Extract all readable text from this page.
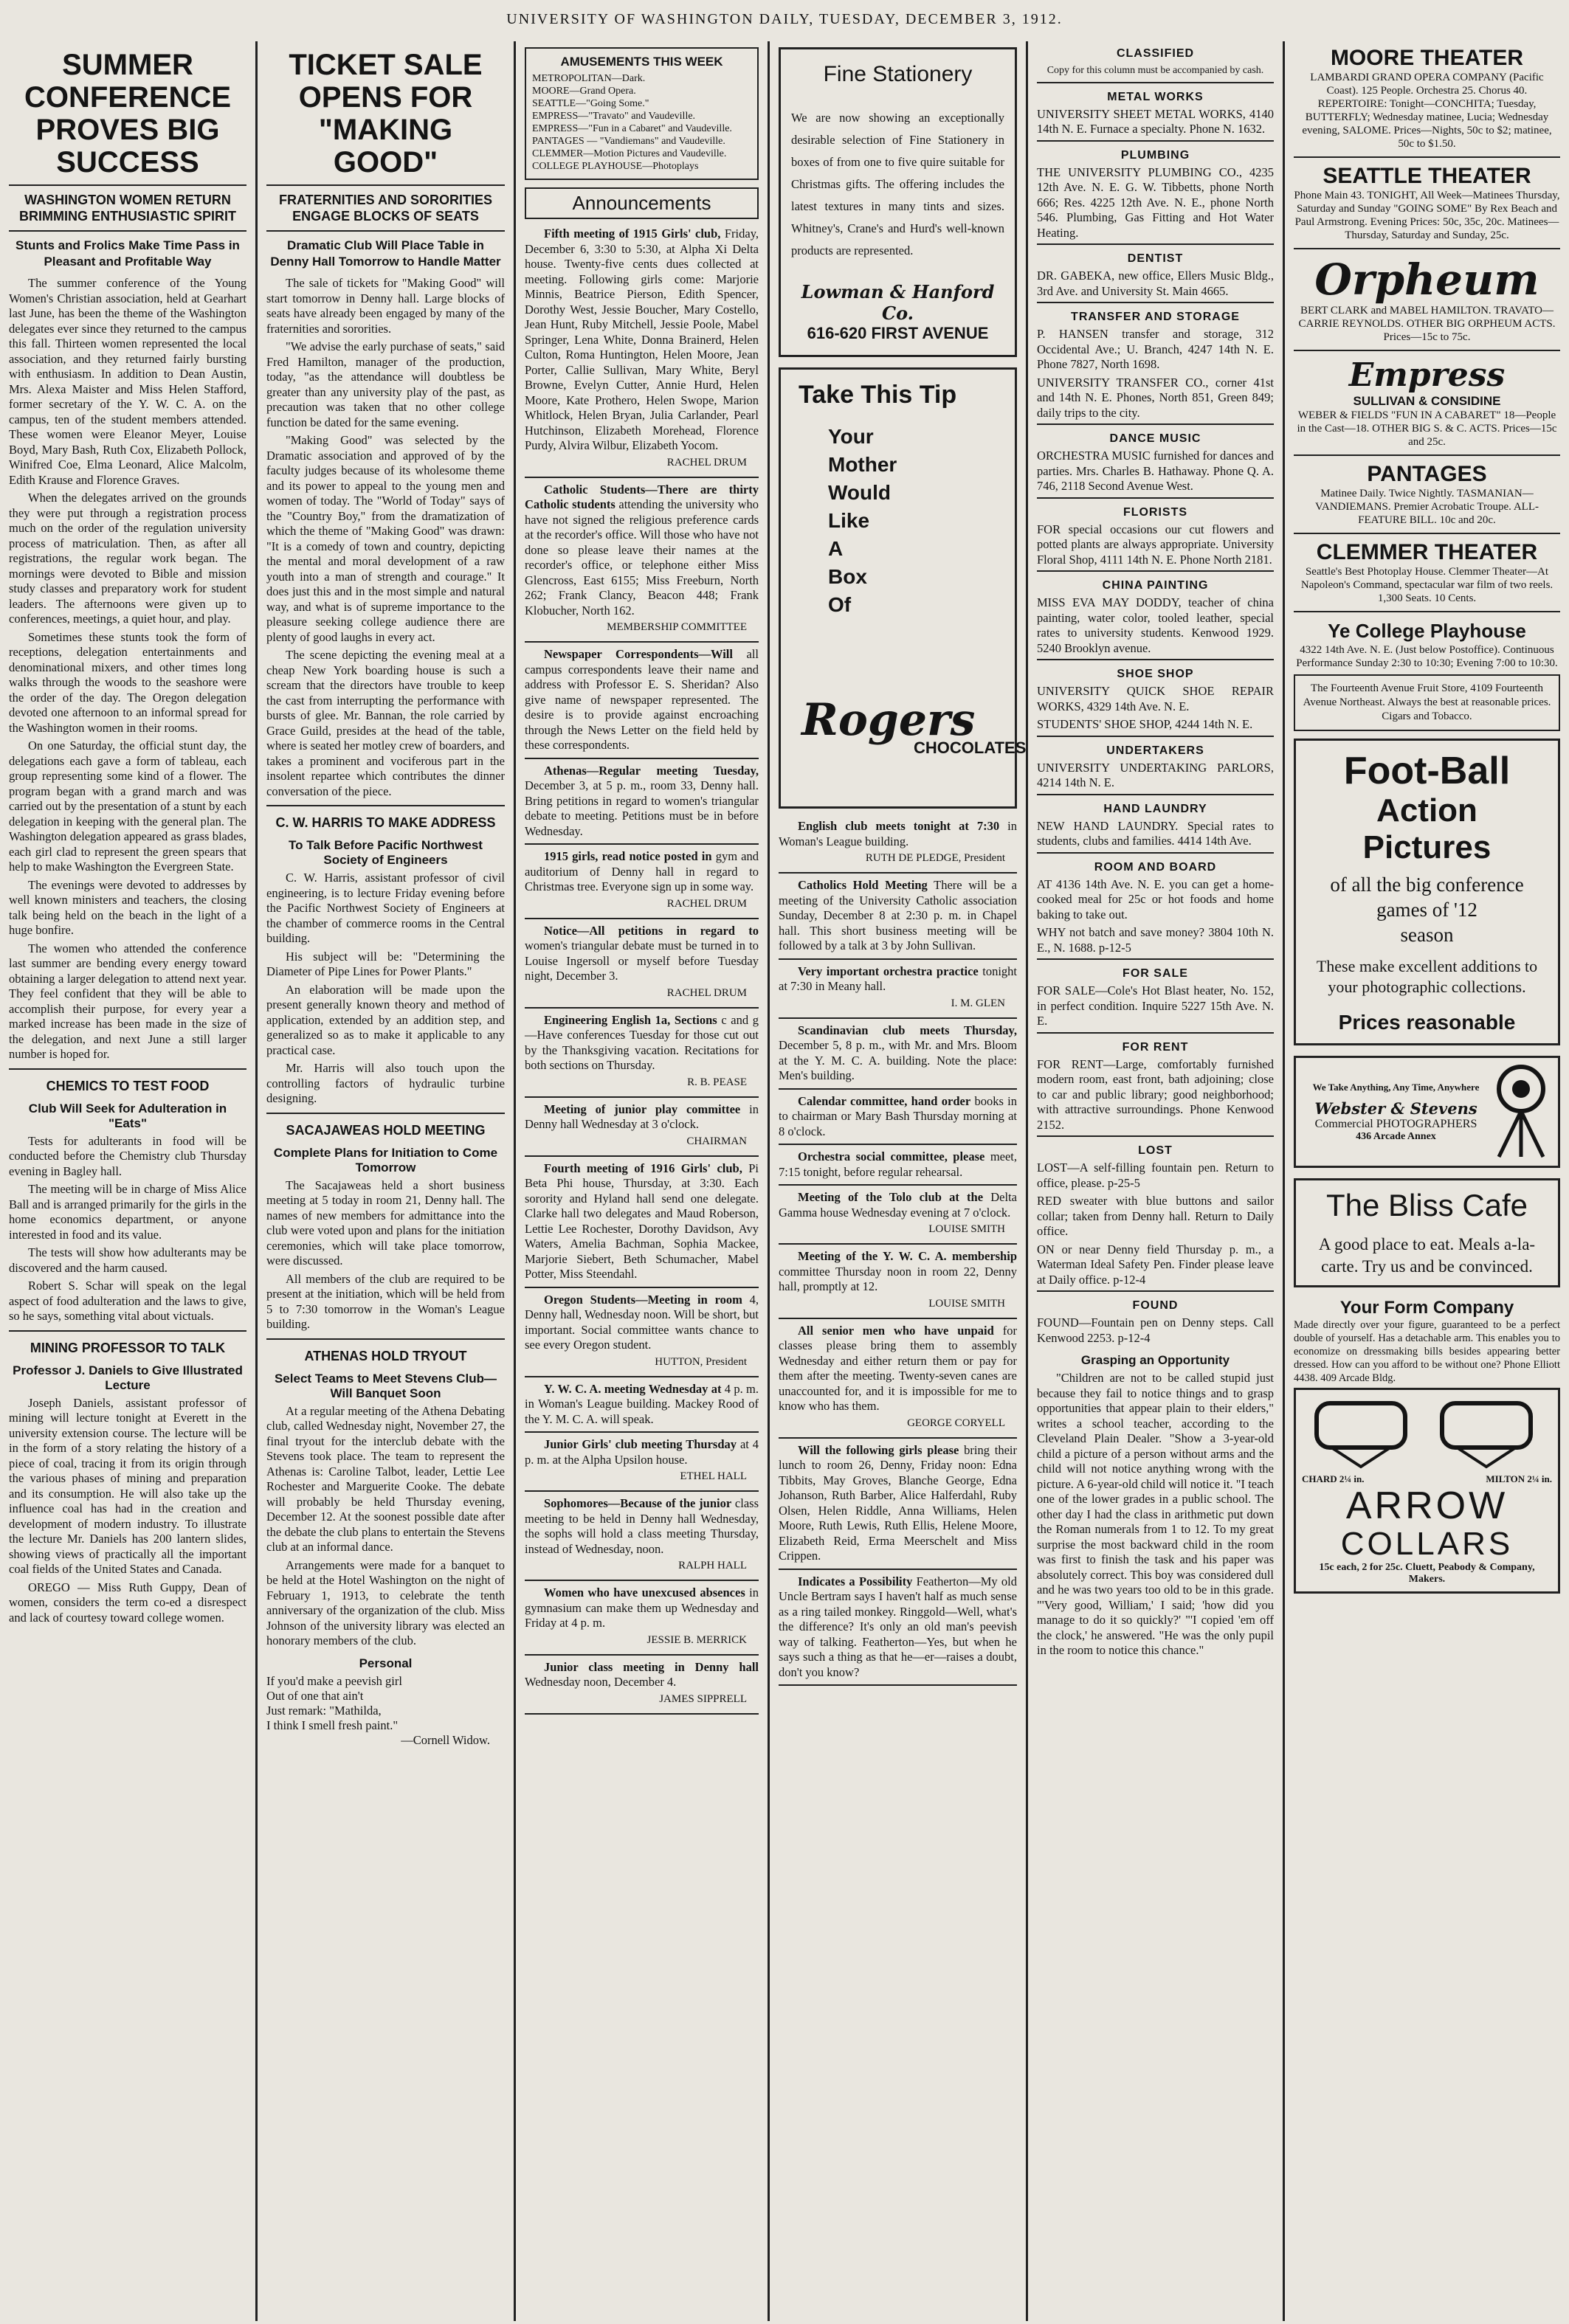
UNIVERSITY OF WASHINGTON DAILY, TUESDAY, DECEMBER 3, 1912.
SUMMER CONFERENCE PROVES BIG SUCCESS
WASHINGTON WOMEN RETURN BRIMMING ENTHUSIASTIC SPIRIT
Stunts and Frolics Make Time Pass in Pleasant and Profitable Way

The summer conference of the Young Women's Christian association, held at Gearhart last June, has been the theme of the Washington delegates ever since they returned to the campus this fall. Thirteen women represented the local association, and they returned fairly bursting with enthusiasm. In addition to Dean Austin, Mrs. Alexa Maister and Miss Helen Stafford, former secretary of the Y. W. C. A. on the campus, ten of the student members attended. These women were Eleanor Meyer, Louise Boyd, Mary Bash, Ruth Cox, Elizabeth Pollock, Winifred Coe, Elma Leonard, Alice Malcolm, Edith Krause and Florence Graves.

When the delegates arrived on the grounds they were put through a registration process much on the order of the regulation university process of matriculation. Then, as after all registrations, the regular work began. The mornings were devoted to Bible and mission study classes and preparatory work for student leaders. The afternoons were given up to conferences, meetings, a quiet hour, and play.

Sometimes these stunts took the form of receptions, delegation entertainments and denominational mixers, and other times long walks through the woods to the seashore were the order of the day. The Oregon delegation devoted one afternoon to an informal spread for the Washington women in their rooms.

On one Saturday, the official stunt day, the delegations each gave a form of tableau, each group representing some kind of a flower. The program began with a grand march and was carried out by the presentation of a stunt by each delegation in keeping with the general plan. The Washington delegation appeared as grass blades, each girl clad to represent the green spears that help to make Washington the Evergreen State.

The evenings were devoted to addresses by well known ministers and teachers, the closing talk being held on the beach in the light of a huge bonfire.

The women who attended the conference last summer are bending every energy toward obtaining a larger delegation to attend next year. They feel confident that they will be able to accomplish their purpose, for every year a marked increase has been made in the size of the delegation, and next June a still larger number is hoped for.

CHEMICS TO TEST FOOD
Club Will Seek for Adulteration in "Eats"

Tests for adulterants in food will be conducted before the Chemistry club Thursday evening in Bagley hall.

The meeting will be in charge of Miss Alice Ball and is arranged primarily for the girls in the home economics department, or anyone interested in food and its value.

The tests will show how adulterants may be discovered and the harm caused.

Robert S. Schar will speak on the legal aspect of food adulteration and the laws to give, so he says, something vital about victuals.

MINING PROFESSOR TO TALK
Professor J. Daniels to Give Illustrated Lecture

Joseph Daniels, assistant professor of mining will lecture tonight at Everett in the university extension course. The lecture will be in the form of a story relating the history of a piece of coal, tracing it from its origin through the various phases of mining and preparation and its consumption. He will also take up the influence coal has had in the creation and development of modern industry. To illustrate the lecture Mr. Daniels has 200 lantern slides, showing views of practically all the important coal fields of the United States and Canada.

OREGO — Miss Ruth Guppy, Dean of women, considers the term co-ed a disrespect and lack of courtesy toward college women.

TICKET SALE OPENS FOR "MAKING GOOD"
FRATERNITIES AND SORORITIES ENGAGE BLOCKS OF SEATS
Dramatic Club Will Place Table in Denny Hall Tomorrow to Handle Matter

The sale of tickets for "Making Good" will start tomorrow in Denny hall. Large blocks of seats have already been engaged by many of the fraternities and sororities.

"We advise the early purchase of seats," said Fred Hamilton, manager of the production, today, "as the attendance will doubtless be greater than any university play of the past, as precaution was taken that no other college function be dated for the same evening.

"Making Good" was selected by the Dramatic association and approved of by the faculty judges because of its wholesome theme and its power to appeal to the young men and women of today. The "World of Today" says of the "Country Boy," from the dramatization of which the theme of "Making Good" was drawn: "It is a comedy of town and country, depicting the mental and moral development of a raw youth into a man of strength and courage." It does just this and in the most simple and natural way, and what is of supreme importance to the pleasure seeking college audience there are plenty of good laughs in every act.

The scene depicting the evening meal at a cheap New York boarding house is such a scream that the directors have trouble to keep the cast from interrupting the performance with bursts of glee. Mr. Bannan, the role carried by Grace Guild, presides at the head of the table, where is seated her motley crew of boarders, and takes a prominent and vociferous part in the insolent repartee which contributes the dinner conversation of the piece.

C. W. HARRIS TO MAKE ADDRESS
To Talk Before Pacific Northwest Society of Engineers

C. W. Harris, assistant professor of civil engineering, is to lecture Friday evening before the Pacific Northwest Society of Engineers at the chamber of commerce rooms in the Central building.

His subject will be: "Determining the Diameter of Pipe Lines for Power Plants."

An elaboration will be made upon the present generally known theory and method of application, extended by an addition step, and generalized so as to make it applicable to any practical case.

Mr. Harris will also touch upon the controlling factors of hydraulic turbine designing.

SACAJAWEAS HOLD MEETING
Complete Plans for Initiation to Come Tomorrow

The Sacajaweas held a short business meeting at 5 today in room 21, Denny hall. The names of new members for admittance into the club were voted upon and plans for the initiation ceremonies, which will take place tomorrow, were discussed.

All members of the club are required to be present at the initiation, which will be held from 5 to 7:30 tomorrow in the Woman's League building.

ATHENAS HOLD TRYOUT
Select Teams to Meet Stevens Club—Will Banquet Soon

At a regular meeting of the Athena Debating club, called Wednesday night, November 27, the final tryout for the interclub debate with the Stevens took place. The team to represent the Athenas is: Caroline Talbot, leader, Lettie Lee Rochester and Marguerite Cooke. The debate will probably be held Thursday evening, December 12. At the soonest possible date after the debate the club plans to entertain the Stevens club at an informal dance.

Arrangements were made for a banquet to be held at the Hotel Washington on the night of February 1, 1913, to celebrate the tenth anniversary of the organization of the club. Miss Johnson of the university library was elected an honorary members of the club.

Personal
If you'd make a peevish girl
Out of one that ain't
Just remark: "Mathilda,
I think I smell fresh paint."
—Cornell Widow.
AMUSEMENTS THIS WEEK
METROPOLITAN—Dark.
MOORE—Grand Opera.
SEATTLE—"Going Some."
EMPRESS—"Travato" and Vaudeville.
EMPRESS—"Fun in a Cabaret" and Vaudeville.
PANTAGES — "Vandiemans" and Vaudeville.
CLEMMER—Motion Pictures and Vaudeville.
COLLEGE PLAYHOUSE—Photoplays
Announcements

Fifth meeting of 1915 Girls' club, Friday, December 6, 3:30 to 5:30, at Alpha Xi Delta house. Twenty-five cents dues collected at meeting. Following girls come: Marjorie Minnis, Beatrice Pierson, Edith Spencer, Dorothy West, Jessie Boucher, Mary Costello, Jean Hunt, Ruby Mitchell, Jessie Poole, Mabel Springer, Lena White, Donna Brainerd, Helen Culton, Roma Huntington, Helen Moore, Jean Porter, Callie Sullivan, Mary White, Beryl Browne, Evelyn Cutter, Annie Hurd, Helen Moore, Kate Prothero, Helen Swope, Marion Whitlock, Helen Bryan, Julia Carlander, Pearl Hutchinson, Elizabeth Morehead, Florence Purdy, Alvira Wilbur, Elizabeth Yocom.

RACHEL DRUM

Catholic Students—There are thirty Catholic students attending the university who have not signed the religious preference cards at the recorder's office. Will those who have not done so please leave their names at the recorder's office, or telephone either Miss Glencross, East 6155; Miss Freeburn, North 262; Frank Clancy, Beacon 448; Frank Klobucher, North 162.

MEMBERSHIP COMMITTEE

Newspaper Correspondents—Will all campus correspondents leave their name and address with Professor E. S. Sheridan? Also give name of newspaper represented. The desire is to provide against encroaching through the News Letter on the field held by these correspondents.

Athenas—Regular meeting Tuesday, December 3, at 5 p. m., room 33, Denny hall. Bring petitions in regard to women's triangular debate to meeting. Petitions must be in before Wednesday.

1915 girls, read notice posted in gym and auditorium of Denny hall in regard to Christmas tree. Everyone sign up in some way.

RACHEL DRUM

Notice—All petitions in regard to women's triangular debate must be turned in to Louise Ingersoll or myself before Tuesday night, December 3.

RACHEL DRUM

Engineering English 1a, Sections c and g—Have conferences Tuesday for those cut out by the Thanksgiving vacation. Recitations for both sections on Thursday.

R. B. PEASE

Meeting of junior play committee in Denny hall Wednesday at 3 o'clock.

CHAIRMAN

Fourth meeting of 1916 Girls' club, Pi Beta Phi house, Thursday, at 3:30. Each sorority and Hyland hall send one delegate. Clarke hall two delegates and Maud Roberson, Lettie Lee Rochester, Dorothy Davidson, Avy Waters, Amelia Bachman, Sophia Mackee, Marjorie Siebert, Beth Schumacher, Mabel Potter, Miss Steendahl.

Oregon Students—Meeting in room 4, Denny hall, Wednesday noon. Will be short, but important. Social committee wants chance to see every Oregon student.

HUTTON, President

Y. W. C. A. meeting Wednesday at 4 p. m. in Woman's League building. Mackey Rood of the Y. M. C. A. will speak.

Junior Girls' club meeting Thursday at 4 p. m. at the Alpha Upsilon house.

ETHEL HALL

Sophomores—Because of the junior class meeting to be held in Denny hall Wednesday, the sophs will hold a class meeting Thursday, instead of Wednesday, noon.

RALPH HALL

Women who have unexcused absences in gymnasium can make them up Wednesday and Friday at 4 p. m.

JESSIE B. MERRICK

Junior class meeting in Denny hall Wednesday noon, December 4.

JAMES SIPPRELL
Fine Stationery

We are now showing an exceptionally desirable selection of Fine Stationery in boxes of from one to five quire suitable for Christmas gifts. The offering includes the latest textures in many tints and sizes. Whitney's, Crane's and Hurd's well-known products are represented.

Lowman & Hanford Co.
616-620 FIRST AVENUE
Take This Tip
Your
Mother
Would
Like
A
Box
Of
Rogers
CHOCOLATES

English club meets tonight at 7:30 in Woman's League building.

RUTH DE PLEDGE, President

Catholics Hold Meeting There will be a meeting of the University Catholic association Sunday, December 8 at 2:30 p. m. in Chapel hall. This short business meeting will be followed by a talk at 3 by John Sullivan.

Very important orchestra practice tonight at 7:30 in Meany hall.

I. M. GLEN

Scandinavian club meets Thursday, December 5, 8 p. m., with Mr. and Mrs. Bloom at the Y. M. C. A. building. Note the place: Men's building.

Calendar committee, hand order books in to chairman or Mary Bash Thursday morning at 8 o'clock.

Orchestra social committee, please meet, 7:15 tonight, before regular rehearsal.

Meeting of the Tolo club at the Delta Gamma house Wednesday evening at 7 o'clock.

LOUISE SMITH

Meeting of the Y. W. C. A. membership committee Thursday noon in room 22, Denny hall, promptly at 12.

LOUISE SMITH

All senior men who have unpaid for classes please bring them to assembly Wednesday and either return them or pay for them after the meeting. Twenty-seven canes are unaccounted for, and it is impossible for me to know who has them.

GEORGE CORYELL

Will the following girls please bring their lunch to room 26, Denny, Friday noon: Edna Tibbits, May Groves, Blanche George, Edna Johanson, Ruth Barber, Alice Halferdahl, Ruby Olsen, Helen Riddle, Anna Williams, Helen Moore, Ruth Lewis, Ruth Ellis, Helene Moore, Elizabeth Reid, Erma Meerschelt and Miss Crippen.

Indicates a Possibility Featherton—My old Uncle Bertram says I haven't half as much sense as a ring tailed monkey. Ringgold—Well, what's the difference? It's only an old man's peevish way of talking. Featherton—Yes, but when he says such a thing as that he—er—raises a doubt, don't you know?

CLASSIFIED

Copy for this column must be accompanied by cash.

METAL WORKS

UNIVERSITY SHEET METAL WORKS, 4140 14th N. E. Furnace a specialty. Phone N. 1632.

PLUMBING

THE UNIVERSITY PLUMBING CO., 4235 12th Ave. N. E. G. W. Tibbetts, phone North 666; Res. 4225 12th Ave. N. E., phone North 546. Plumbing, Gas Fitting and Hot Water Heating.

DENTIST

DR. GABEKA, new office, Ellers Music Bldg., 3rd Ave. and University St. Main 4665.

TRANSFER AND STORAGE

P. HANSEN transfer and storage, 312 Occidental Ave.; U. Branch, 4247 14th N. E. Phone 7827, North 1698.

UNIVERSITY TRANSFER CO., corner 41st and 14th N. E. Phones, North 851, Green 849; daily trips to the city.

DANCE MUSIC

ORCHESTRA MUSIC furnished for dances and parties. Mrs. Charles B. Hathaway. Phone Q. A. 746, 2118 Second Avenue West.

FLORISTS

FOR special occasions our cut flowers and potted plants are always appropriate. University Floral Shop, 4111 14th N. E. Phone North 2181.

CHINA PAINTING

MISS EVA MAY DODDY, teacher of china painting, water color, tooled leather, special rates to university students. Kenwood 1929. 5240 Brooklyn avenue.

SHOE SHOP

UNIVERSITY QUICK SHOE REPAIR WORKS, 4329 14th Ave. N. E.

STUDENTS' SHOE SHOP, 4244 14th N. E.

UNDERTAKERS

UNIVERSITY UNDERTAKING PARLORS, 4214 14th N. E.

HAND LAUNDRY

NEW HAND LAUNDRY. Special rates to students, clubs and families. 4414 14th Ave.

ROOM AND BOARD

AT 4136 14th Ave. N. E. you can get a home-cooked meal for 25c or hot foods and home baking to take out.

WHY not batch and save money? 3804 10th N. E., N. 1688. p-12-5

FOR SALE

FOR SALE—Cole's Hot Blast heater, No. 152, in perfect condition. Inquire 5227 15th Ave. N. E.

FOR RENT

FOR RENT—Large, comfortably furnished modern room, east front, bath adjoining; close to car and public library; good neighborhood; with attractive surroundings. Phone Kenwood 2152.

LOST

LOST—A self-filling fountain pen. Return to office, please. p-25-5

RED sweater with blue buttons and sailor collar; taken from Denny hall. Return to Daily office.

ON or near Denny field Thursday p. m., a Waterman Ideal Safety Pen. Finder please leave at Daily office. p-12-4

FOUND

FOUND—Fountain pen on Denny steps. Call Kenwood 2253. p-12-4

Grasping an Opportunity

"Children are not to be called stupid just because they fail to notice things and to grasp opportunities that appear plain to their elders," writes a school teacher, according to the Cleveland Plain Dealer. "Show a 3-year-old child a picture of a person without arms and the child will not notice anything wrong with the picture. A 6-year-old child will notice it. "I teach one of the lower grades in a public school. The other day I had the class in arithmetic put down the Roman numerals from 1 to 12. To my great surprise the most backward child in the room was first to finish the task and his paper was absolutely correct. This boy was considered dull and he was two years too old to be in this grade. "'Very good, William,' I said; 'how did you manage to do it so quickly?' "'I copied 'em off the clock,' he answered. "He was the only pupil in the room to notice this chance."

MOORE THEATER
LAMBARDI GRAND OPERA COMPANY (Pacific Coast). 125 People. Orchestra 25. Chorus 40. REPERTOIRE: Tonight—CONCHITA; Tuesday, BUTTERFLY; Wednesday matinee, Lucia; Wednesday evening, SALOME. Prices—Nights, 50c to $2; matinee, 50c to $1.50.
SEATTLE THEATER
Phone Main 43. TONIGHT, All Week—Matinees Thursday, Saturday and Sunday "GOING SOME" By Rex Beach and Paul Armstrong. Evening Prices: 50c, 35c, 20c. Matinees—Thursday, Saturday and Sunday, 25c.
Orpheum
BERT CLARK and MABEL HAMILTON. TRAVATO—CARRIE REYNOLDS. OTHER BIG ORPHEUM ACTS. Prices—15c to 75c.
Empress
SULLIVAN & CONSIDINE
WEBER & FIELDS "FUN IN A CABARET" 18—People in the Cast—18. OTHER BIG S. & C. ACTS. Prices—15c and 25c.
PANTAGES
Matinee Daily. Twice Nightly. TASMANIAN—VANDIEMANS. Premier Acrobatic Troupe. ALL-FEATURE BILL. 10c and 20c.
CLEMMER THEATER
Seattle's Best Photoplay House. Clemmer Theater—At Napoleon's Command, spectacular war film of two reels. 1,300 Seats. 10 Cents.
Ye College Playhouse
4322 14th Ave. N. E. (Just below Postoffice). Continuous Performance Sunday 2:30 to 10:30; Evening 7:00 to 10:30.
The Fourteenth Avenue Fruit Store, 4109 Fourteenth Avenue Northeast. Always the best at reasonable prices. Cigars and Tobacco.
Foot-Ball
Action
Pictures
of all the big conference games of '12
season
These make excellent additions to your photographic collections.
Prices reasonable
We Take Anything, Any Time, Anywhere
Webster & Stevens
Commercial PHOTOGRAPHERS
436 Arcade Annex
The Bliss Cafe
A good place to eat. Meals a-la-carte. Try us and be convinced.
Your Form Company

Made directly over your figure, guaranteed to be a perfect double of yourself. Has a detachable arm. This enables you to economize on dressmaking bills besides appearing better dressed. How can you afford to be without one? Phone Elliott 4438. 409 Arcade Bldg.

CHARD 2¼ in.	MILTON 2¼ in.
ARROW
COLLARS
15c each, 2 for 25c. Cluett, Peabody & Company, Makers.
